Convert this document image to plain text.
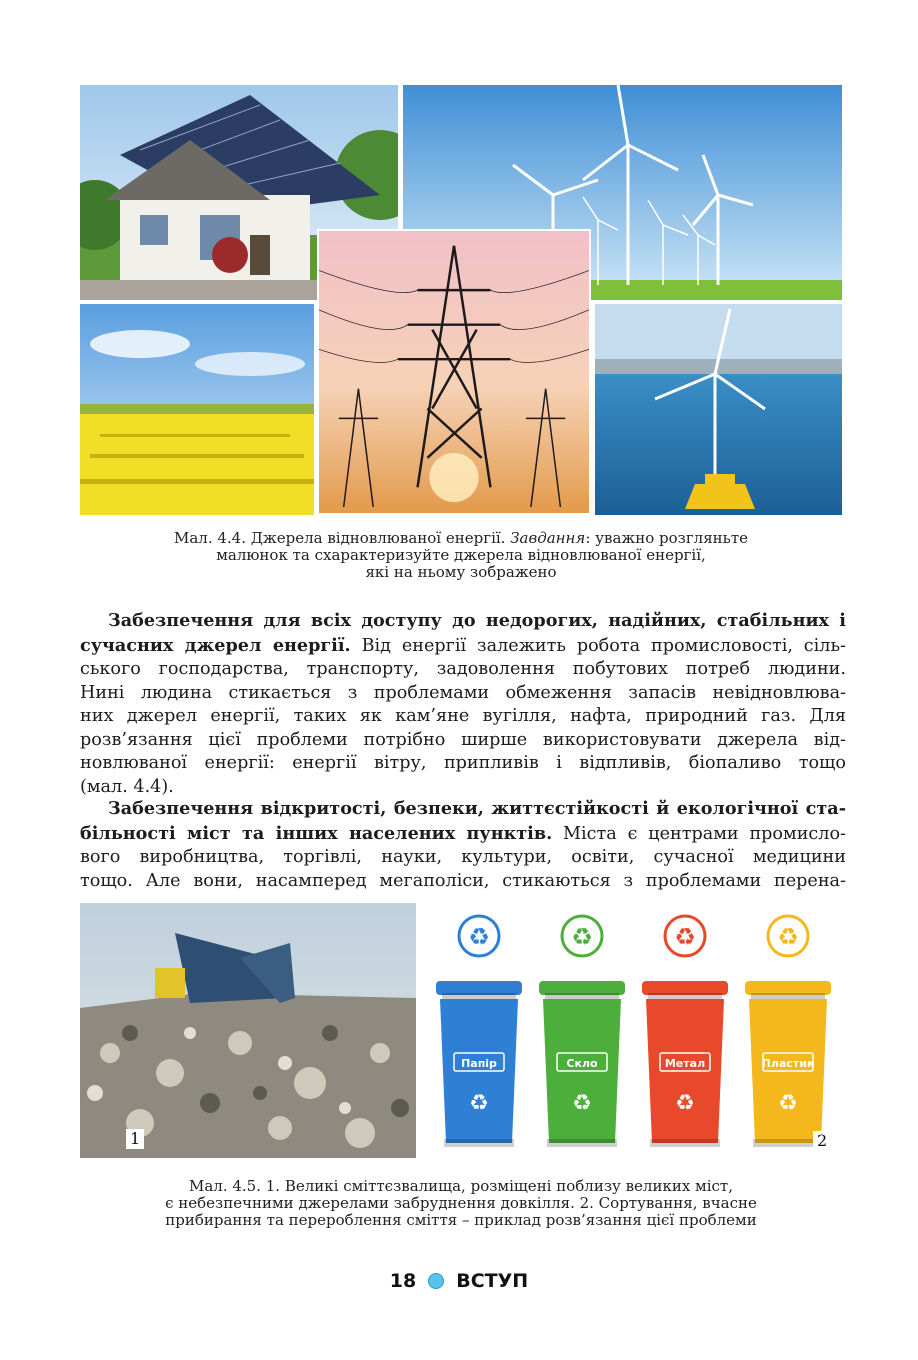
Мал. 4.4. Джерела відновлюваної енергії. Завдання: уважно розгляньте
малюнок та схарактеризуйте джерела відновлюваної енергії,
які на ньому зображено
Забезпечення для всіх доступу до недорогих, надійних, стабільних і
сучасних джерел енергії. Від енергії залежить робота промисловості, сіль-
ського господарства, транспорту, задоволення побутових потреб людини.
Нині людина стикається з проблемами обмеження запасів невідновлюва-
них джерел енергії, таких як кам’яне вугілля, нафта, природний газ. Для
розв’язання цієї проблеми потрібно ширше використовувати джерела від-
новлюваної енергії: енергії вітру, припливів і відпливів, біопаливо тощо
(мал. 4.4).
Забезпечення відкритості, безпеки, життєстійкості й екологічної ста-
більності міст та інших населених пунктів. Міста є центрами промисло-
вого виробництва, торгівлі, науки, культури, освіти, сучасної медицини
тощо. Але вони, насамперед мегаполіси, стикаються з проблемами перена-
1
♻
Папір
♻
♻
Скло
♻
♻
Метал
♻
♻
Пластик
♻
2
Мал. 4.5. 1. Великі сміттєзвалища, розміщені поблизу великих міст,
є небезпечними джерелами забруднення довкілля. 2. Сортування, вчасне
прибирання та перероблення сміття – приклад розв’язання цієї проблеми
18 ВСТУП
